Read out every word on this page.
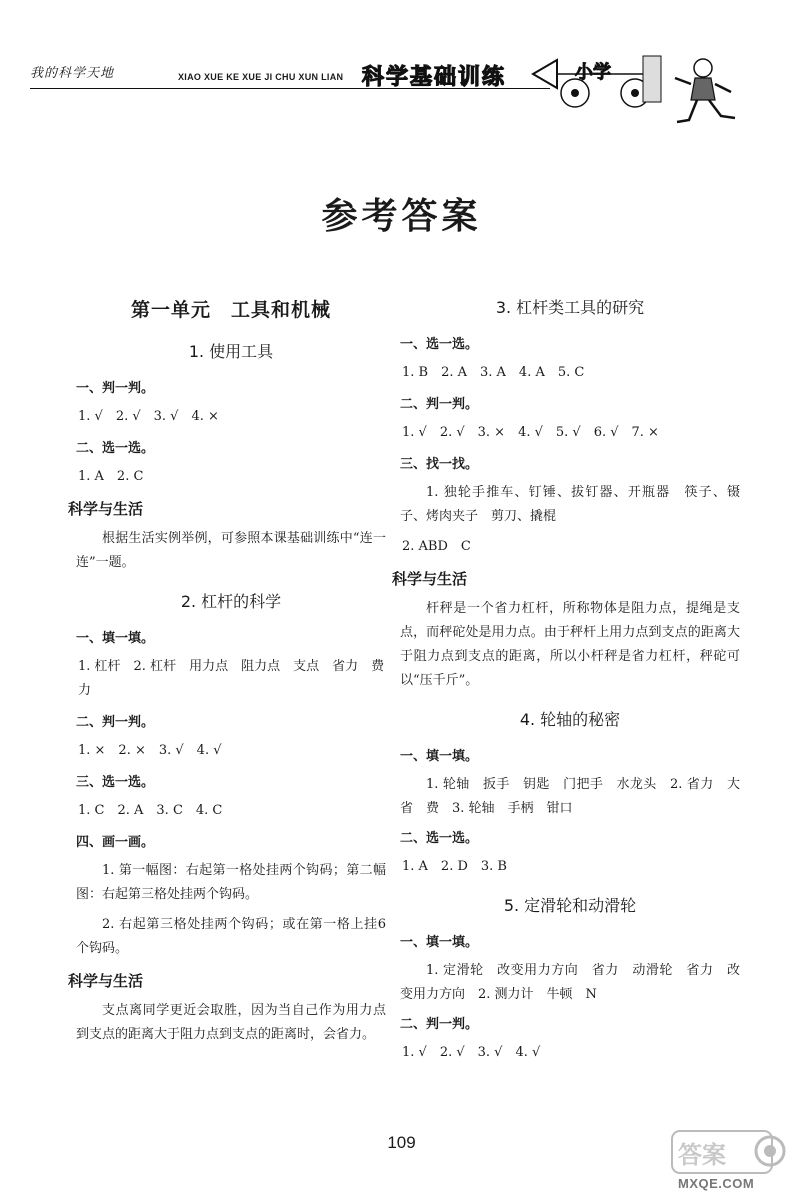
我的科学天地	XIAO XUE KE XUE JI CHU XUN LIAN 科学基础训练	小学
参考答案
第一单元　工具和机械
1. 使用工具
一、判一判。
1. √　2. √　3. √　4. ×
二、选一选。
1. A　2. C
科学与生活
根据生活实例举例，可参照本课基础训练中“连一连”一题。
2. 杠杆的科学
一、填一填。
1. 杠杆　2. 杠杆　用力点　阻力点　支点　省力　费力
二、判一判。
1. ×　2. ×　3. √　4. √
三、选一选。
1. C　2. A　3. C　4. C
四、画一画。
1. 第一幅图：右起第一格处挂两个钩码；第二幅图：右起第三格处挂两个钩码。
2. 右起第三格处挂两个钩码；或在第一格上挂6个钩码。
科学与生活
支点离同学更近会取胜，因为当自己作为用力点到支点的距离大于阻力点到支点的距离时，会省力。
3. 杠杆类工具的研究
一、选一选。
1. B　2. A　3. A　4. A　5. C
二、判一判。
1. √　2. √　3. ×　4. √　5. √　6. √　7. ×
三、找一找。
1. 独轮手推车、钉锤、拔钉器、开瓶器　筷子、镊子、烤肉夹子　剪刀、撬棍
2. ABD　C
科学与生活
杆秤是一个省力杠杆，所称物体是阻力点，提绳是支点，而秤砣处是用力点。由于秤杆上用力点到支点的距离大于阻力点到支点的距离，所以小杆秤是省力杠杆，秤砣可以“压千斤”。
4. 轮轴的秘密
一、填一填。
1. 轮轴　扳手　钥匙　门把手　水龙头　2. 省力　大　省　费　3. 轮轴　手柄　钳口
二、选一选。
1. A　2. D　3. B
5. 定滑轮和动滑轮
一、填一填。
1. 定滑轮　改变用力方向　省力　动滑轮　省力　改变用力方向　2. 测力计　牛顿　N
二、判一判。
1. √　2. √　3. √　4. √
109	答案
MXQE.COM
